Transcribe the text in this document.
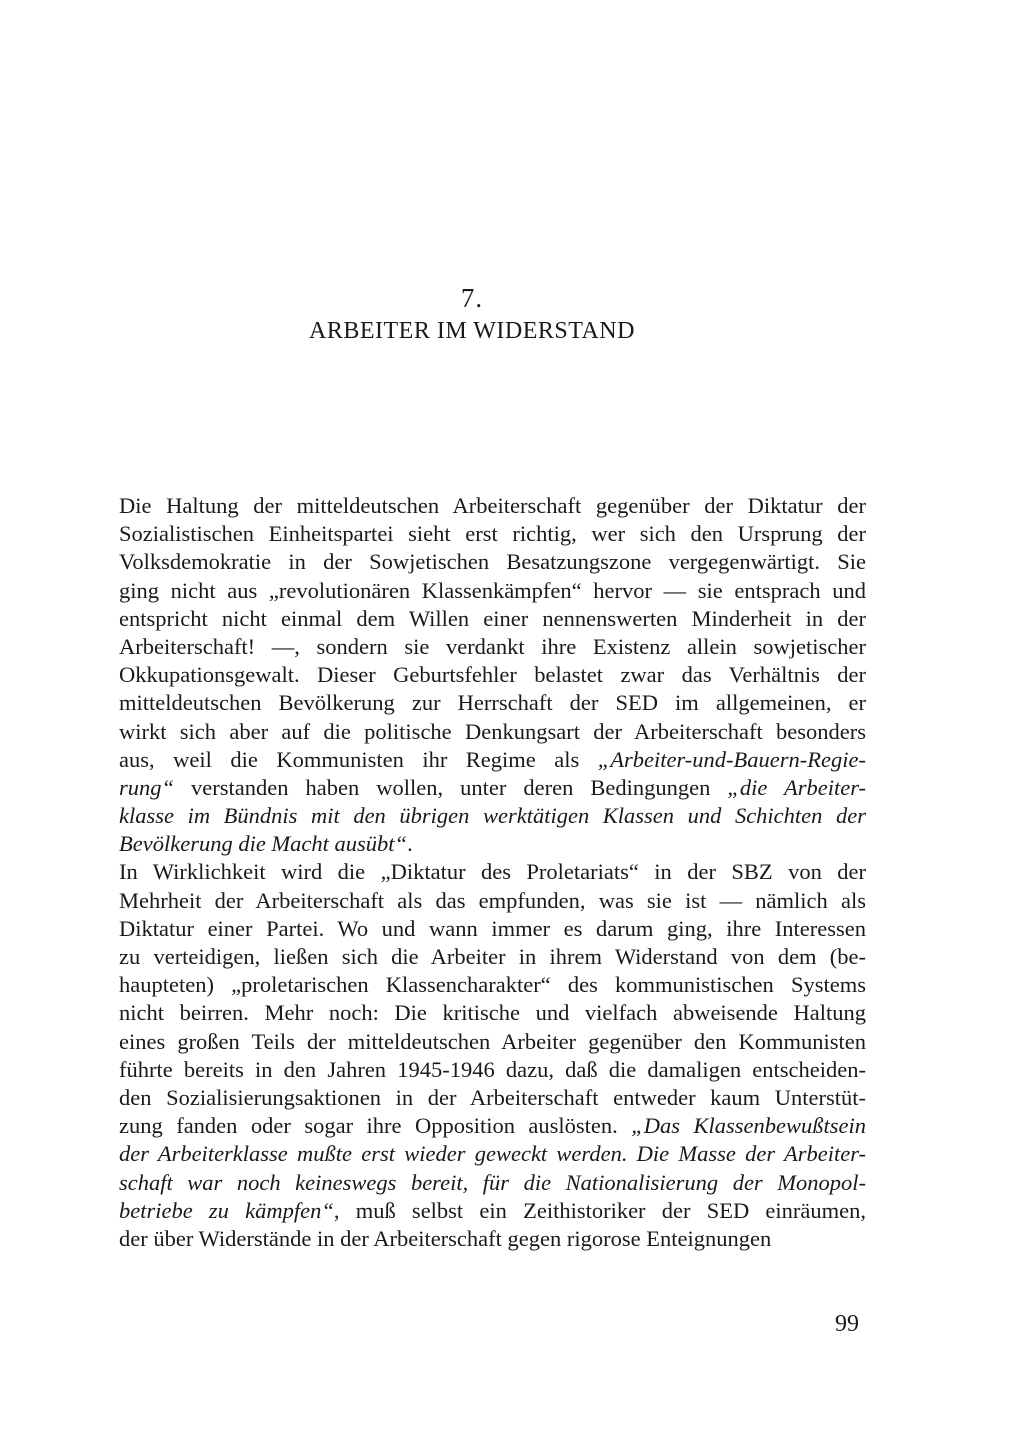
7.
ARBEITER IM WIDERSTAND
Die Haltung der mitteldeutschen Arbeiterschaft gegenüber der Diktatur der
Sozialistischen Einheitspartei sieht erst richtig, wer sich den Ursprung der
Volksdemokratie in der Sowjetischen Besatzungszone vergegenwärtigt. Sie
ging nicht aus „revolutionären Klassenkämpfen“ hervor — sie entsprach und
entspricht nicht einmal dem Willen einer nennenswerten Minderheit in der
Arbeiterschaft! —, sondern sie verdankt ihre Existenz allein sowjetischer
Okkupationsgewalt. Dieser Geburtsfehler belastet zwar das Verhältnis der
mitteldeutschen Bevölkerung zur Herrschaft der SED im allgemeinen, er
wirkt sich aber auf die politische Denkungsart der Arbeiterschaft besonders
aus, weil die Kommunisten ihr Regime als „Arbeiter-und-Bauern-Regie-
rung“ verstanden haben wollen, unter deren Bedingungen „die Arbeiter-
klasse im Bündnis mit den übrigen werktätigen Klassen und Schichten der
Bevölkerung die Macht ausübt“.
In Wirklichkeit wird die „Diktatur des Proletariats“ in der SBZ von der
Mehrheit der Arbeiterschaft als das empfunden, was sie ist — nämlich als
Diktatur einer Partei. Wo und wann immer es darum ging, ihre Interessen
zu verteidigen, ließen sich die Arbeiter in ihrem Widerstand von dem (be-
haupteten) „proletarischen Klassencharakter“ des kommunistischen Systems
nicht beirren. Mehr noch: Die kritische und vielfach abweisende Haltung
eines großen Teils der mitteldeutschen Arbeiter gegenüber den Kommunisten
führte bereits in den Jahren 1945-1946 dazu, daß die damaligen entscheiden-
den Sozialisierungsaktionen in der Arbeiterschaft entweder kaum Unterstüt-
zung fanden oder sogar ihre Opposition auslösten. „Das Klassenbewußtsein
der Arbeiterklasse mußte erst wieder geweckt werden. Die Masse der Arbeiter-
schaft war noch keineswegs bereit, für die Nationalisierung der Monopol-
betriebe zu kämpfen“, muß selbst ein Zeithistoriker der SED einräumen,
der über Widerstände in der Arbeiterschaft gegen rigorose Enteignungen
99
